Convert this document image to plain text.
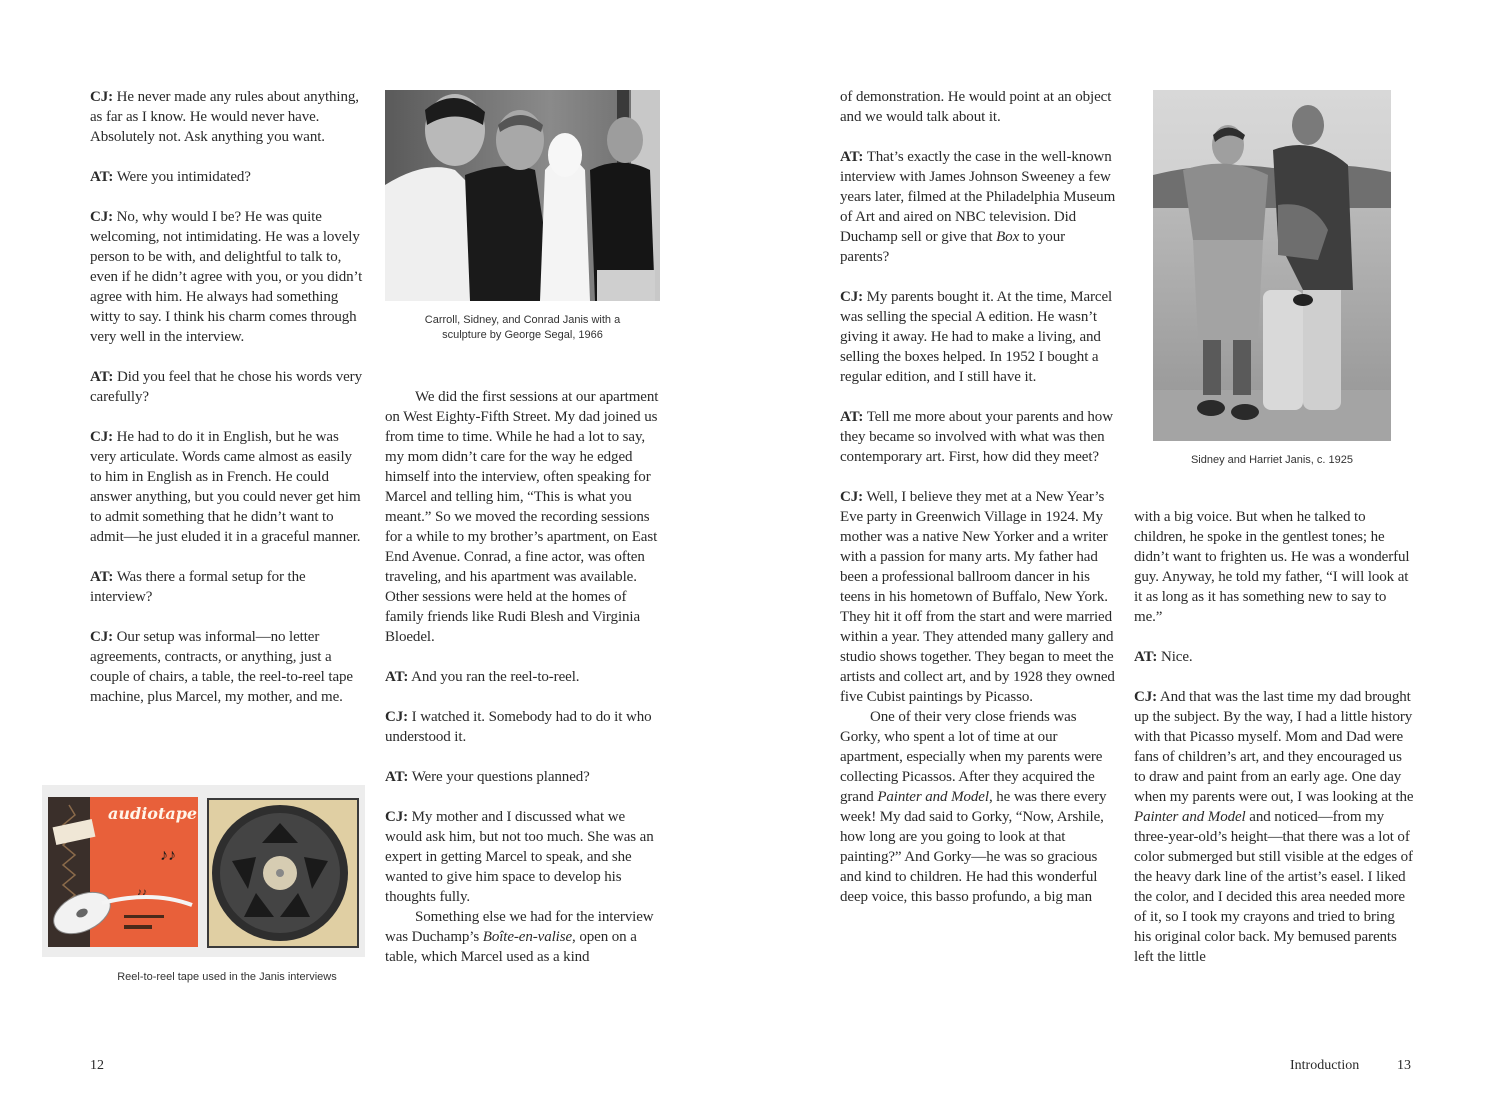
CJ: He never made any rules about anything, as far as I know. He would never have. Absolutely not. Ask anything you want.

AT: Were you intimidated?

CJ: No, why would I be? He was quite welcoming, not intimidating. He was a lovely person to be with, and delightful to talk to, even if he didn’t agree with you, or you didn’t agree with him. He always had something witty to say. I think his charm comes through very well in the interview.

AT: Did you feel that he chose his words very carefully?

CJ: He had to do it in English, but he was very articulate. Words came almost as easily to him in English as in French. He could answer anything, but you could never get him to admit something that he didn’t want to admit—he just eluded it in a graceful manner.

AT: Was there a formal setup for the interview?

CJ: Our setup was informal—no letter agreements, contracts, or anything, just a couple of chairs, a table, the reel-to-reel tape machine, plus Marcel, my mother, and me.

Carroll, Sidney, and Conrad Janis with a
sculpture by George Segal, 1966
audiotape
♪♪
♪♪
Reel-to-reel tape used in the Janis interviews

We did the first sessions at our apartment on West Eighty-Fifth Street. My dad joined us from time to time. While he had a lot to say, my mom didn’t care for the way he edged himself into the interview, often speaking for Marcel and telling him, “This is what you meant.” So we moved the recording sessions for a while to my brother’s apartment, on East End Avenue. Conrad, a fine actor, was often traveling, and his apartment was available. Other sessions were held at the homes of family friends like Rudi Blesh and Virginia Bloedel.

AT: And you ran the reel-to-reel.

CJ: I watched it. Somebody had to do it who understood it.

AT: Were your questions planned?

CJ: My mother and I discussed what we would ask him, but not too much. She was an expert in getting Marcel to speak, and she wanted to give him space to develop his thoughts fully.

Something else we had for the interview was Duchamp’s Boîte-en-valise, open on a table, which Marcel used as a kind

12

of demonstration. He would point at an object and we would talk about it.

AT: That’s exactly the case in the well-known interview with James Johnson Sweeney a few years later, filmed at the Philadelphia Museum of Art and aired on NBC television. Did Duchamp sell or give that Box to your parents?

CJ: My parents bought it. At the time, Marcel was selling the special A edition. He wasn’t giving it away. He had to make a living, and selling the boxes helped. In 1952 I bought a regular edition, and I still have it.

AT: Tell me more about your parents and how they became so involved with what was then contemporary art. First, how did they meet?

CJ: Well, I believe they met at a New Year’s Eve party in Greenwich Village in 1924. My mother was a native New Yorker and a writer with a passion for many arts. My father had been a professional ballroom dancer in his teens in his hometown of Buffalo, New York. They hit it off from the start and were married within a year. They attended many gallery and studio shows together. They began to meet the artists and collect art, and by 1928 they owned five Cubist paintings by Picasso.

One of their very close friends was Gorky, who spent a lot of time at our apartment, especially when my parents were collecting Picassos. After they acquired the grand Painter and Model, he was there every week! My dad said to Gorky, “Now, Arshile, how long are you going to look at that painting?” And Gorky—he was so gracious and kind to children. He had this wonderful deep voice, this basso profundo, a big man

Sidney and Harriet Janis, c. 1925

with a big voice. But when he talked to children, he spoke in the gentlest tones; he didn’t want to frighten us. He was a wonderful guy. Anyway, he told my father, “I will look at it as long as it has something new to say to me.”

AT: Nice.

CJ: And that was the last time my dad brought up the subject. By the way, I had a little history with that Picasso myself. Mom and Dad were fans of children’s art, and they encouraged us to draw and paint from an early age. One day when my parents were out, I was looking at the Painter and Model and noticed—from my three-year-old’s height—that there was a lot of color submerged but still visible at the edges of the heavy dark line of the artist’s easel. I liked the color, and I decided this area needed more of it, so I took my crayons and tried to bring his original color back. My bemused parents left the little

Introduction	13
